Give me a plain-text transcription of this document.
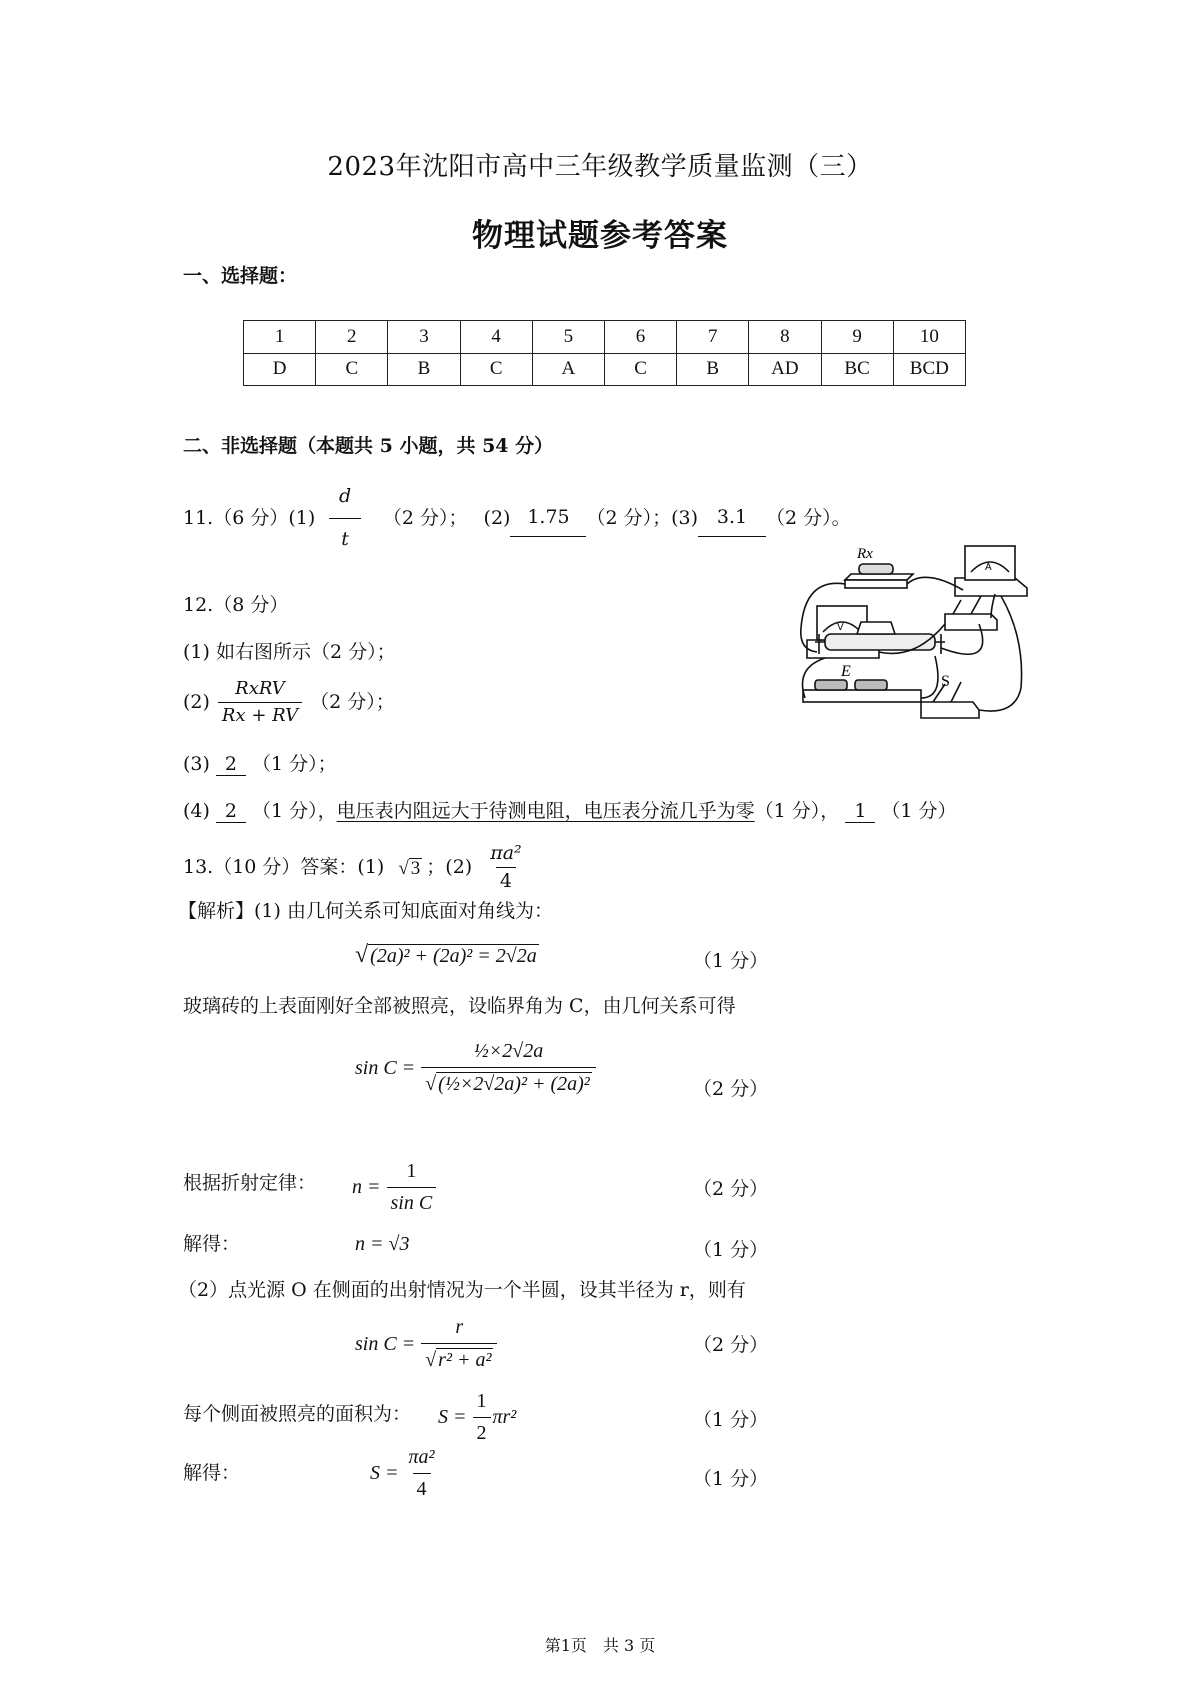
2023年沈阳市高中三年级教学质量监测（三）
物理试题参考答案
一、选择题：
1	2	3	4	5	6	7	8	9	10
D	C	B	C	A	C	B	AD	BC	BCD
二、非选择题（本题共 5 小题，共 54 分）
11.（6 分）$(1) \frac{d}{t} (2$ 分）； (2) 1.75 （2 分）；(3) 3.1 （2 分）。
12.（8 分）
(1) 如右图所示（2 分）；
$(2) \frac{\text{RxRV}}{Rx + RV} (2$ 分）；
(3) 2 （1 分）；
(4) 2 （1 分），电压表内阻远大于待测电阻，电压表分流几乎为零（1 分）， 1 （1 分）
Rx
A
V
E
S
13.（10 分）答案：(1) √ 3 ；$(2) \frac{\text{πa²}}{4}$
【解析】(1) 由几何关系可知底面对角线为：
√ (2a)² + (2a)² = 2√2a	（1 分）
玻璃砖的上表面刚好全部被照亮，设临界角为 C，由几何关系可得
$\sin C = \frac{\text{½×2√2a}}{\text{√ (½×2√2a)² + (2a)²}}$	（2 分）
根据折射定律： $n = \frac{1}{\text{sin C}}$	（2 分）
解得：	n = √3	（1 分）
（2）点光源 O 在侧面的出射情况为一个半圆，设其半径为 r，则有
$\sin C = \frac{r}{\text{√ r² + a²}}$	（2 分）
每个侧面被照亮的面积为： $S = \frac{1}{2} \pi r^2$	（1 分）
解得：	$S = \frac{\text{πa²}}{4}$	（1 分）
第1页　共 3 页
